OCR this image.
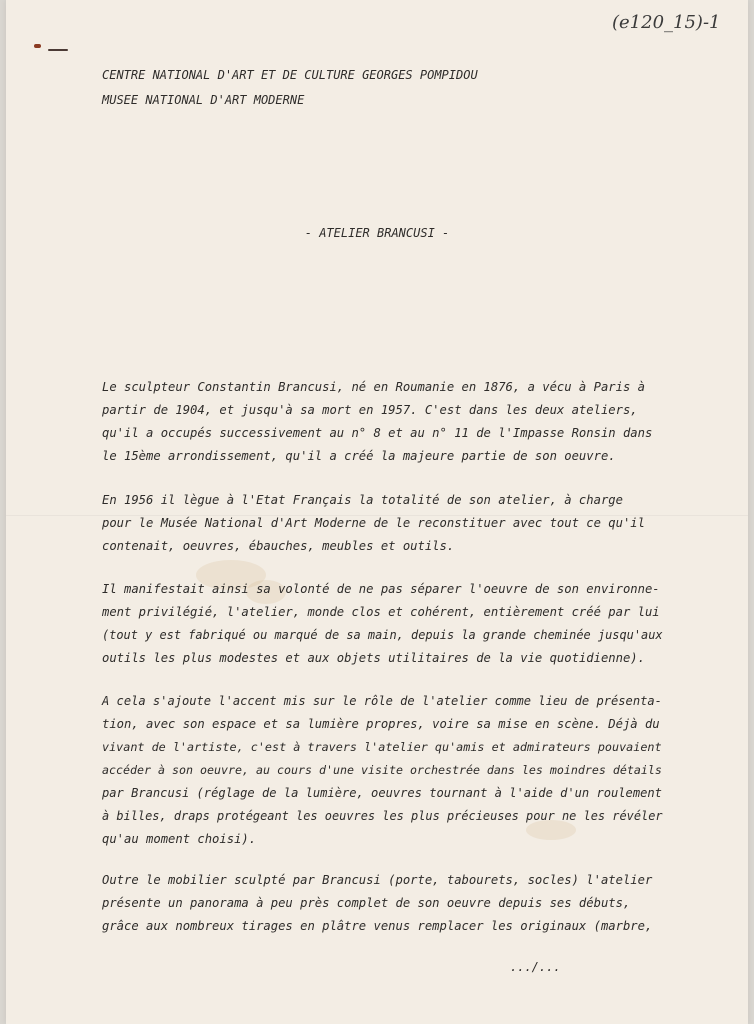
(e120_15)-1
CENTRE NATIONAL D'ART ET DE CULTURE GEORGES POMPIDOU
MUSEE NATIONAL D'ART MODERNE
- ATELIER BRANCUSI -
Le sculpteur Constantin Brancusi, né en Roumanie en 1876, a vécu à Paris à
partir de 1904, et jusqu'à sa mort en 1957. C'est dans les deux ateliers,
qu'il a occupés successivement au n° 8 et au n° 11 de l'Impasse Ronsin dans
le 15ème arrondissement, qu'il a créé la majeure partie de son oeuvre.
En 1956 il lègue à l'Etat Français la totalité de son atelier, à charge
pour le Musée National d'Art Moderne de le reconstituer avec tout ce qu'il
contenait, oeuvres, ébauches, meubles et outils.
Il manifestait ainsi sa volonté de ne pas séparer l'oeuvre de son environne-
ment privilégié, l'atelier, monde clos et cohérent, entièrement créé par lui
(tout y est fabriqué ou marqué de sa main, depuis la grande cheminée jusqu'aux
outils les plus modestes et aux objets utilitaires de la vie quotidienne).
A cela s'ajoute l'accent mis sur le rôle de l'atelier comme lieu de présenta-
tion, avec son espace et sa lumière propres, voire sa mise en scène. Déjà du
vivant de l'artiste, c'est à travers l'atelier qu'amis et admirateurs pouvaient
accéder à son oeuvre, au cours d'une visite orchestrée dans les moindres détails
par Brancusi (réglage de la lumière, oeuvres tournant à l'aide d'un roulement
à billes, draps protégeant les oeuvres les plus précieuses pour ne les révéler
qu'au moment choisi).
Outre le mobilier sculpté par Brancusi (porte, tabourets, socles) l'atelier
présente un panorama à peu près complet de son oeuvre depuis ses débuts,
grâce aux nombreux tirages en plâtre venus remplacer les originaux (marbre,
.../...
